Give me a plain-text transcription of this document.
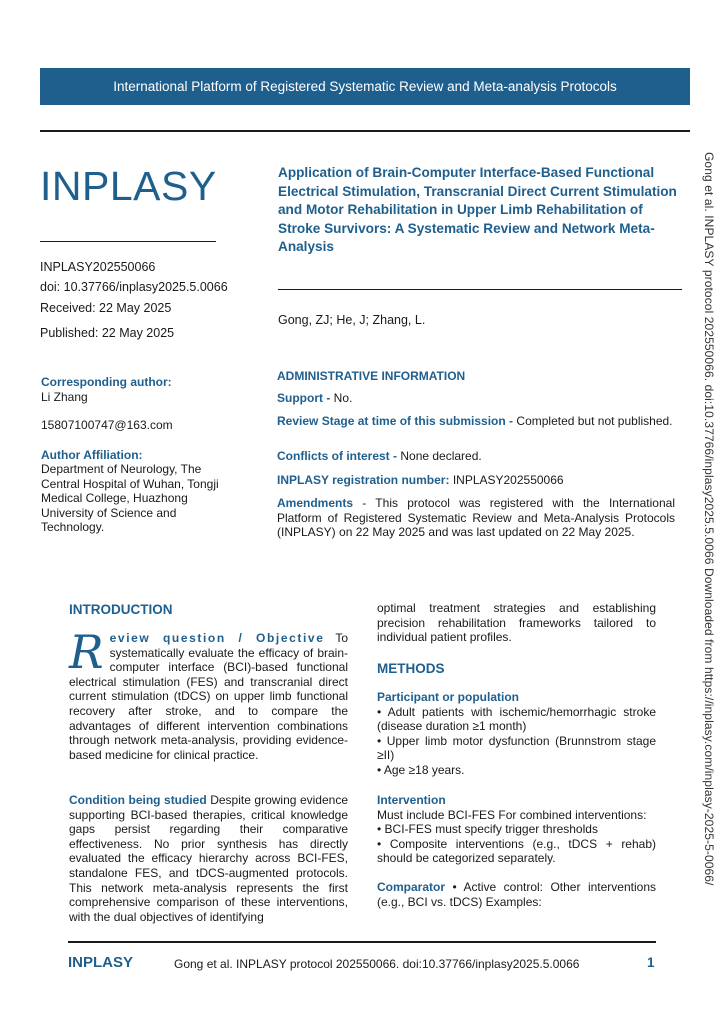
International Platform of Registered Systematic Review and Meta-analysis Protocols
INPLASY
INPLASY202550066
doi: 10.37766/inplasy2025.5.0066
Received: 22 May 2025
Published: 22 May 2025
Application of Brain-Computer Interface-Based Functional Electrical Stimulation, Transcranial Direct Current Stimulation and Motor Rehabilitation in Upper Limb Rehabilitation of Stroke Survivors: A Systematic Review and Network Meta-Analysis
Gong, ZJ; He, J; Zhang, L.
Corresponding author:
Li Zhang
15807100747@163.com
Author Affiliation:
Department of Neurology, The Central Hospital of Wuhan, Tongji Medical College, Huazhong University of Science and Technology.
ADMINISTRATIVE INFORMATION
Support - No.
Review Stage at time of this submission - Completed but not published.
Conflicts of interest - None declared.
INPLASY registration number: INPLASY202550066
Amendments - This protocol was registered with the International Platform of Registered Systematic Review and Meta-Analysis Protocols (INPLASY) on 22 May 2025 and was last updated on 22 May 2025.
INTRODUCTION
Review question / Objective To systematically evaluate the efficacy of brain-computer interface (BCI)-based functional electrical stimulation (FES) and transcranial direct current stimulation (tDCS) on upper limb functional recovery after stroke, and to compare the advantages of different intervention combinations through network meta-analysis, providing evidence-based medicine for clinical practice.
Condition being studied Despite growing evidence supporting BCI-based therapies, critical knowledge gaps persist regarding their comparative effectiveness. No prior synthesis has directly evaluated the efficacy hierarchy across BCI-FES, standalone FES, and tDCS-augmented protocols. This network meta-analysis represents the first comprehensive comparison of these interventions, with the dual objectives of identifying
optimal treatment strategies and establishing precision rehabilitation frameworks tailored to individual patient profiles.
METHODS
Participant or population
• Adult patients with ischemic/hemorrhagic stroke (disease duration ≥1 month)
• Upper limb motor dysfunction (Brunnstrom stage ≥II)
• Age ≥18 years.
Intervention
Must include BCI-FES For combined interventions:
• BCI-FES must specify trigger thresholds
• Composite interventions (e.g., tDCS + rehab) should be categorized separately.
Comparator • Active control: Other interventions (e.g., BCI vs. tDCS) Examples:
Gong et al. INPLASY protocol 202550066. doi:10.37766/inplasy2025.5.0066 Downloaded from https://inplasy.com/inplasy-2025-5-0066/
INPLASY	Gong et al. INPLASY protocol 202550066. doi:10.37766/inplasy2025.5.0066	1
